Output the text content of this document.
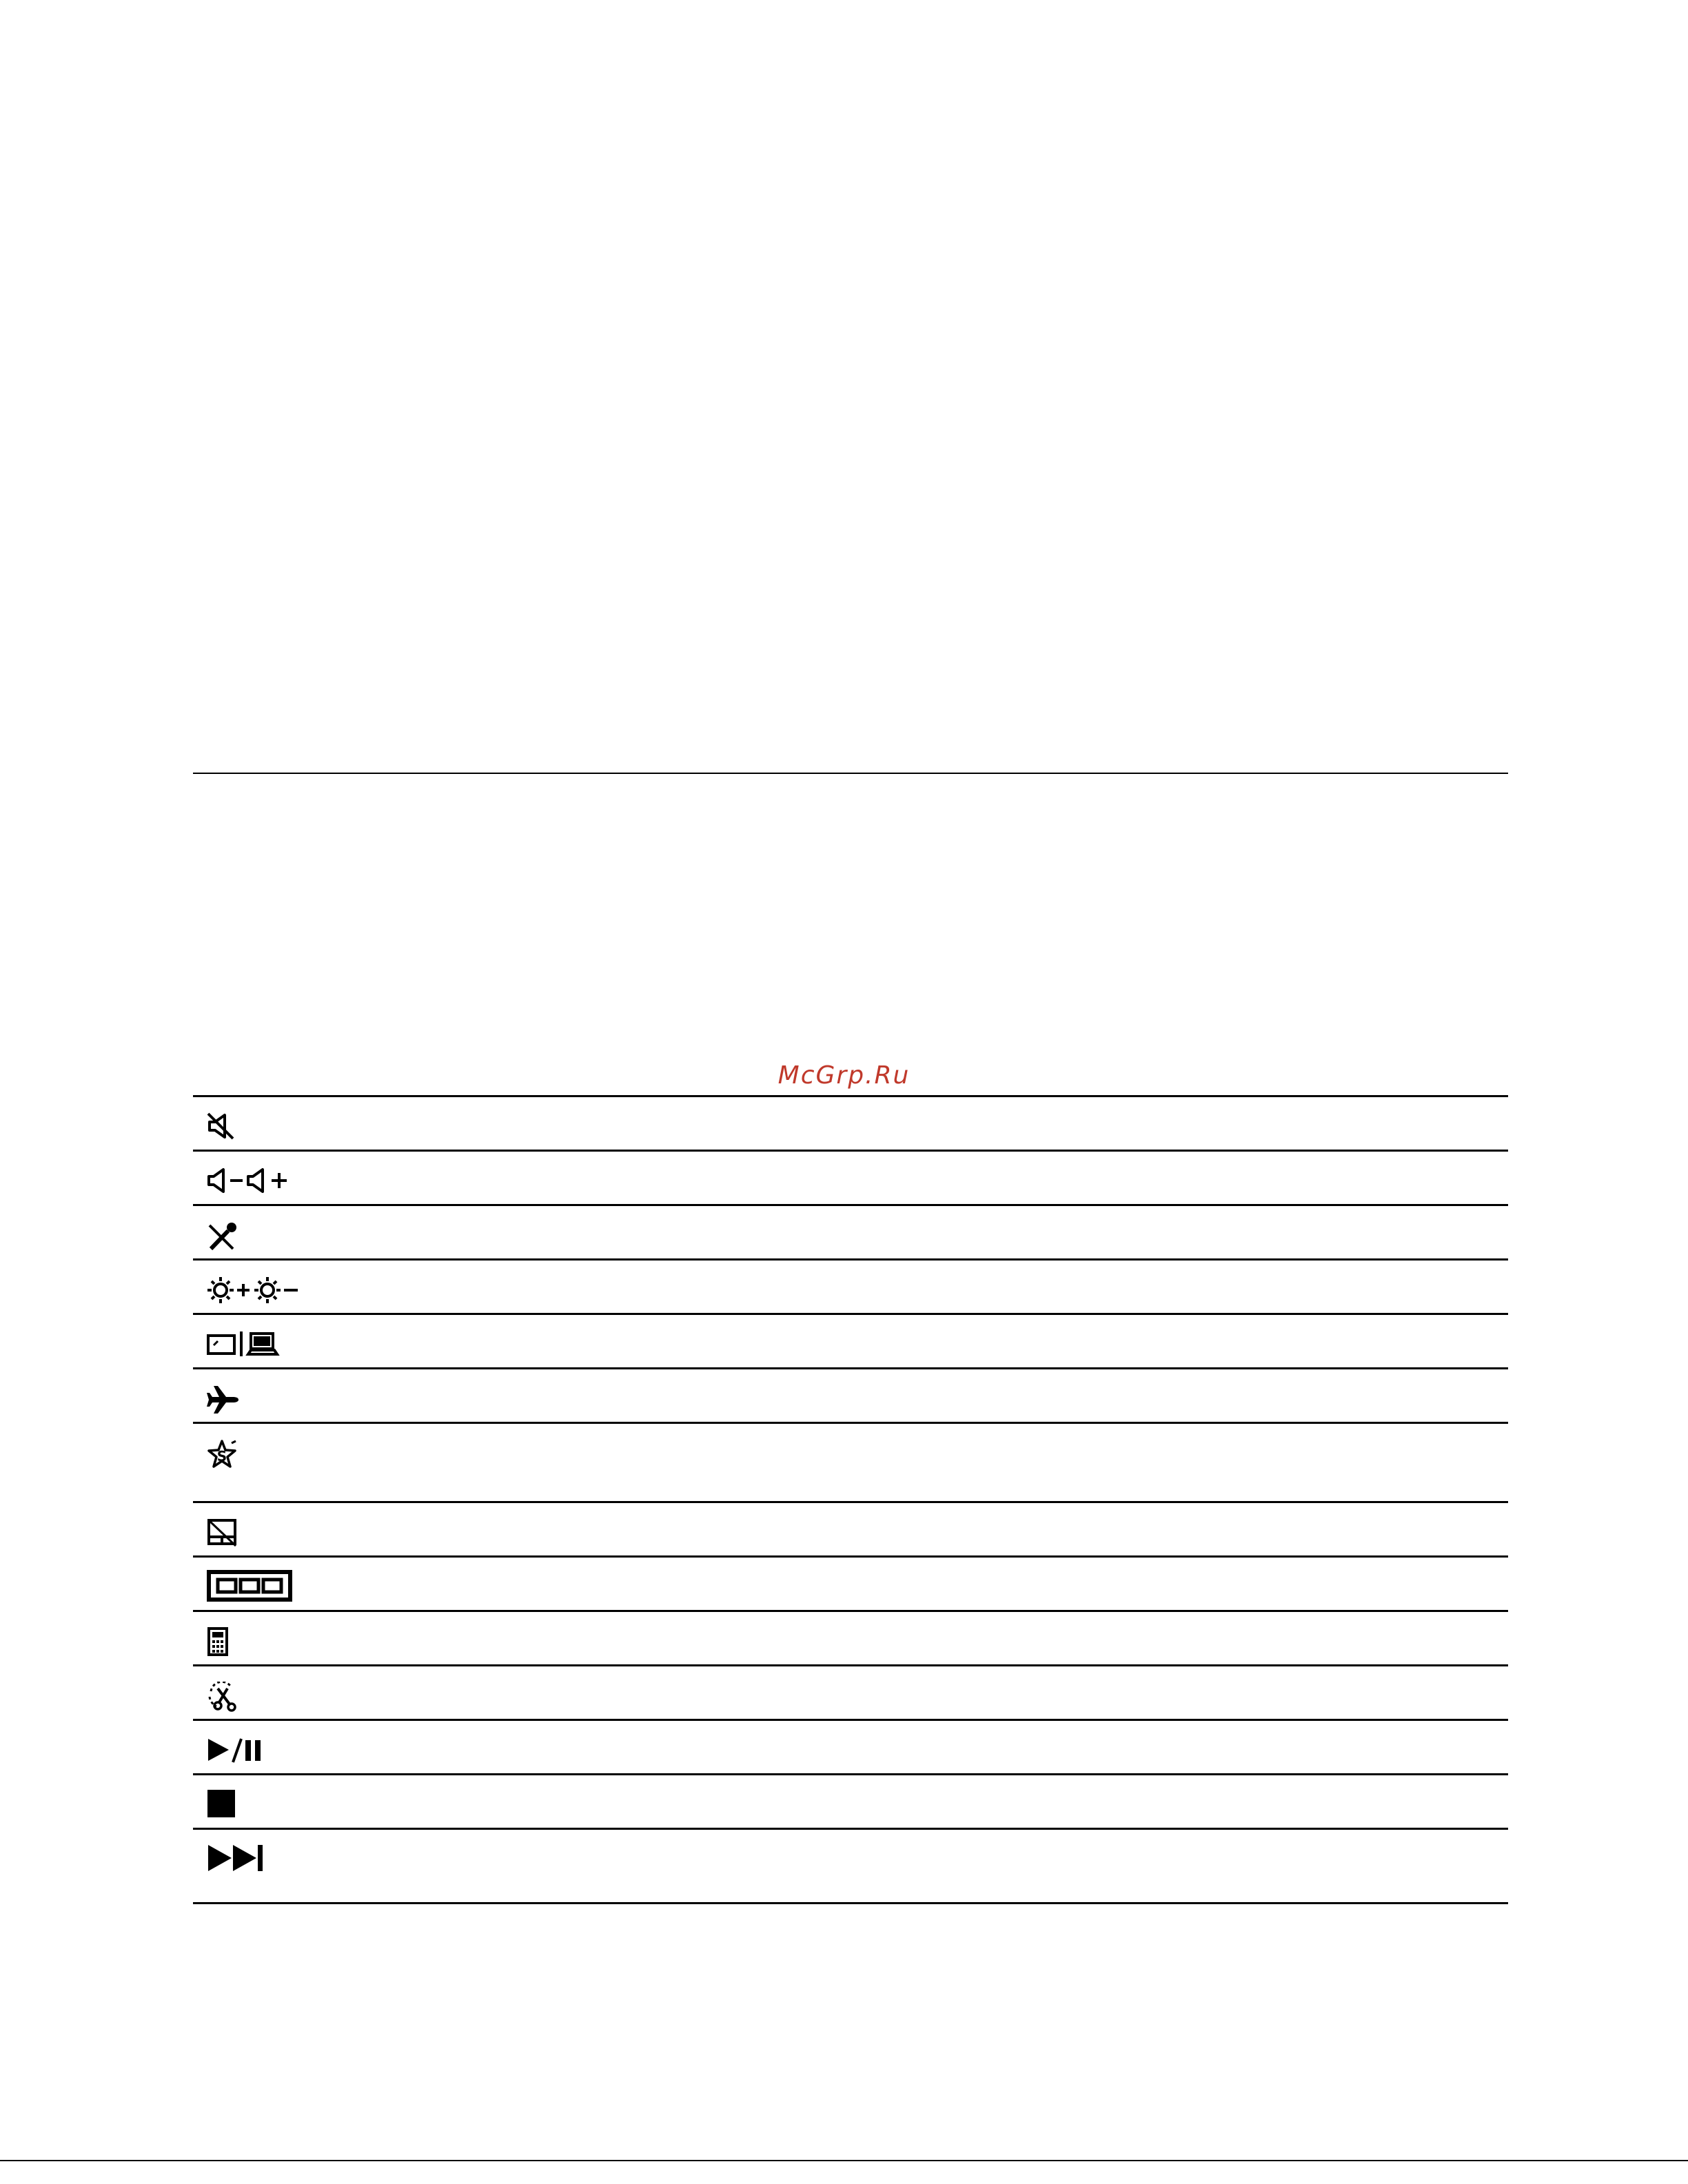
McGrp.Ru
S
